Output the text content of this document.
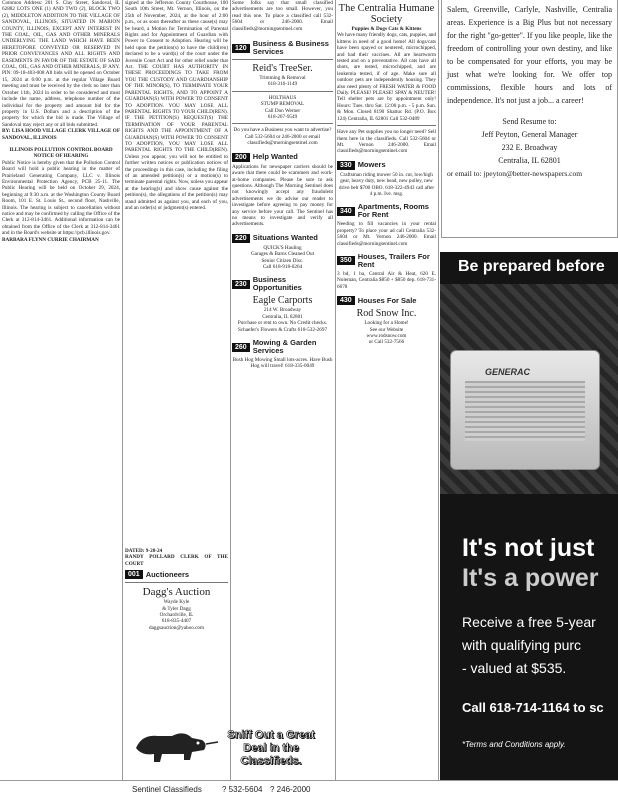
Common Address: 201 S. Clay Street, Sandoval, IL 62882 LOTS ONE (1) AND TWO (2), BLOCK TWO (2), MIDDLETON ADDITION TO THE VILLAGE OF SANDOVAL, ILLINOIS, SITUATED IN MARION COUNTY, ILLINOIS, EXCEPT ANY INTEREST IN THE COAL, OIL, GAS AND OTHER MINERALS UNDERLYING THE LAND WHICH HAVE BEEN HERETOFORE CONVEYED OR RESERVED IN PRIOR CONVEYANCES AND ALL RIGHTS AND EASEMENTS IN FAVOR OF THE ESTATE OF SAID COAL, OIL, GAS AND OTHER MINERALS, IF ANY. PIN: 09-18-403-008 All bids will be opened on October 15, 2024 at 6:00 p.m. at the regular Village Board meeting and must be received by the clerk no later than October 11th, 2024 in order to be considered and must include the name, address, telephone number of the individual for the property and amount bid for the property in U.S. Dollars and a description of the property for which the bid is made. The Village of Sandoval may reject any or all bids submitted.
BY: LISA HOOD VILLAGE CLERK VILLAGE OF SANDOVAL, ILLINOIS
ILLINOIS POLLUTION CONTROL BOARD NOTICE OF HEARING
Public Notice is hereby given that the Pollution Control Board will hold a public hearing in the matter of Prairieland Generating Company, LLC v. Illinois Environmental Protection Agency, PCB 25-11. The Public Hearing will be held on October 29, 2024, beginning at 9:30 a.m. at the Washington County Board Room, 101 E. St. Louis St., second floor, Nashville, Illinois. The hearing is subject to cancellation without notice and may be confirmed by calling the Office of the Clerk at 312-814-3461. Additional information can be obtained from the Office of the Clerk at 312-814-3461 and in the Board's website at https://pcb.illinois.gov.
BARBARA FLYNN CURRIE CHAIRMAN
signed at the Jefferson County Courthouse, 100 South 10th Street, Mt. Vernon, Illinois, on the 25th of November, 2024, at the hour of 2:00 p.m., or as soon thereafter as these cause(s) may be heard, a Motion for Termination of Parental Rights and for Appointment of Guardian with Power to Consent to Adoption. Hearing will be held upon the petition(s) to have the child(ren) declared to be a ward(s) of the court under the Juvenile Court Act and for other relief under that Act. THE COURT HAS AUTHORITY IN THESE PROCEEDINGS TO TAKE FROM YOU THE CUSTODY AND GUARDIANSHIP OF THE MINOR(S), TO TERMINATE YOUR PARENTAL RIGHTS, AND TO APPOINT A GUARDIAN(S) WITH POWER TO CONSENT TO ADOPTION. YOU MAY LOSE ALL PARENTAL RIGHTS TO YOUR CHILD(REN). IF THE PETITION(S) REQUEST(S) THE TERMINATION OF YOUR PARENTAL RIGHTS AND THE APPOINTMENT OF A GUARDIAN(S) WITH POWER TO CONSENT TO ADOPTION, YOU MAY LOSE ALL PARENTAL RIGHTS TO THE CHILD(REN). Unless you appear, you will not be entitled to further written notices or publication notices of the proceedings in this case, including the filing of an amended petition(s) or a motion(s) to terminate parental rights. Now, unless you appear at the hearing(s) and show cause against the petition(s), the allegations of the petition(s) may stand admitted as against you, and each of you, and an order(s) or judgment(s) entered.
DATED: 9-28-24
RANDY POLLARD CLERK OF THE COURT
001 Auctioneers
Dagg's Auction
Wayde Kyle
& Tyler Dagg
Orchardville, IL
618-835-4407
daggsauction@yahoo.com
Sniff Out a Great Deal in the Classifieds.
Some folks say that small classified advertisements are too small. However, you read this one. To place a classified call 532-5604 or 246-2000. Email classifieds@morningsentinel.com
120 Business & Business Services
Reid's TreeSer.
Trimming & Removal
618-316-1149
HOLTHAUS
STUMP REMOVAL
Call Don Werner
618-267-9549
Do you have a Business you want to advertise? Call 532-5604 or 246-2000 or email classifieds@morningsentinel.com
200 Help Wanted
Applications for newspaper carriers should be aware that there could be scammers and work-at-home companies. Please be sure to ask questions. Although The Morning Sentinel does not knowingly accept any fraudulent advertisements we do advise our reader to investigate before agreeing to pay money for any service before your call. The Sentinel has no means to investigate and verify all advertisements.
220 Situations Wanted
QUICK'S Hauling
Garages & Barns Cleaned Out
Senior Citizen Disc.
Call 618-918-0264
230 Business Opportunities
Eagle Carports
214 W. Broadway
Centralia, IL 62801
Purchase or rent to own. No Credit checks.
Schaefer's Flowers & Crafts 618-532-2697
260 Mowing & Garden Services
Bush Hog Mowing Small lots-acres. Have Bush Hog will travel! 618-335-0049
The Centralia Humane Society
Puppies & Dogs Cats & Kittens
We have many friendly dogs, cats, puppies, and kittens in need of a good home! All dogs/cats have been spayed or neutered, microchipped, and had their vaccines. All are heartworm tested and on a preventative. All cats have all shots, are tested, microchipped, and are leukemia tested, if of age. Make sure all outdoor pets are independently housing. They also need plenty of FRESH WATER & FOOD Daily. PLEASE! PLEASE! SPAY & NEUTER! Tell shelter pets are by appointment only! Hours: Tues. thru Sat. 12:00 p.m. - 5 p.m. Sun. & Mon. Closed 8190 Shattuc Rd. (P.O. Box 124) Centralia, IL 62801 Call 532-0489
Have any Pet supplies you no longer need? Sell them here in the classifieds. Call 532-5604 or Mt. Vernon 246-2000. Email classifieds@morningsentinel.com
330 Mowers
Craftsman riding mower 50 in. cut, low/high gear, heavy duty, new head, new pulley, new drive belt $700 OBO. 618-322-4943 call after 4 p.m. Ive. msg.
340 Apartments, Rooms For Rent
Needing to fill vacancies in your rental property? To place your ad call Centralia 532-5604 or Mt. Vernon 246-2000. Email classifieds@morningsentinel.com
350 Houses, Trailers For Rent
3 bd, 1 ba, Central Air & Heat, 620 E. Noleman, Centralia $850 + $850 dep. 618-731-6678
430 Houses For Sale
Rod Snow Inc.
Looking for a Home!
See our Website
www.rodsnow.com
or Call 532-7566
Salem, Greenville, Carlyle, Nashville, Centralia areas. Experience is a Big Plus but not necessary for the right "go-getter". If you like people, like the freedom of controlling your own destiny, and like to be compensated for your efforts, you may be just what we're looking for. We offer top commissions, flexible hours and lots of independence. It's not just a job... a career!
Send Resume to:
Jeff Peyton, General Manager
232 E. Broadway
Centralia, IL 62801
or email to: jpeyton@better-newspapers.com
Be prepared before
GENERAC
It's not just
It's a power
Receive a free 5-year
with qualifying purc
- valued at $535.
Call 618-714-1164 to sc
*Terms and Conditions apply.
Sentinel Classifieds	? 532-5604 ? 246-2000
